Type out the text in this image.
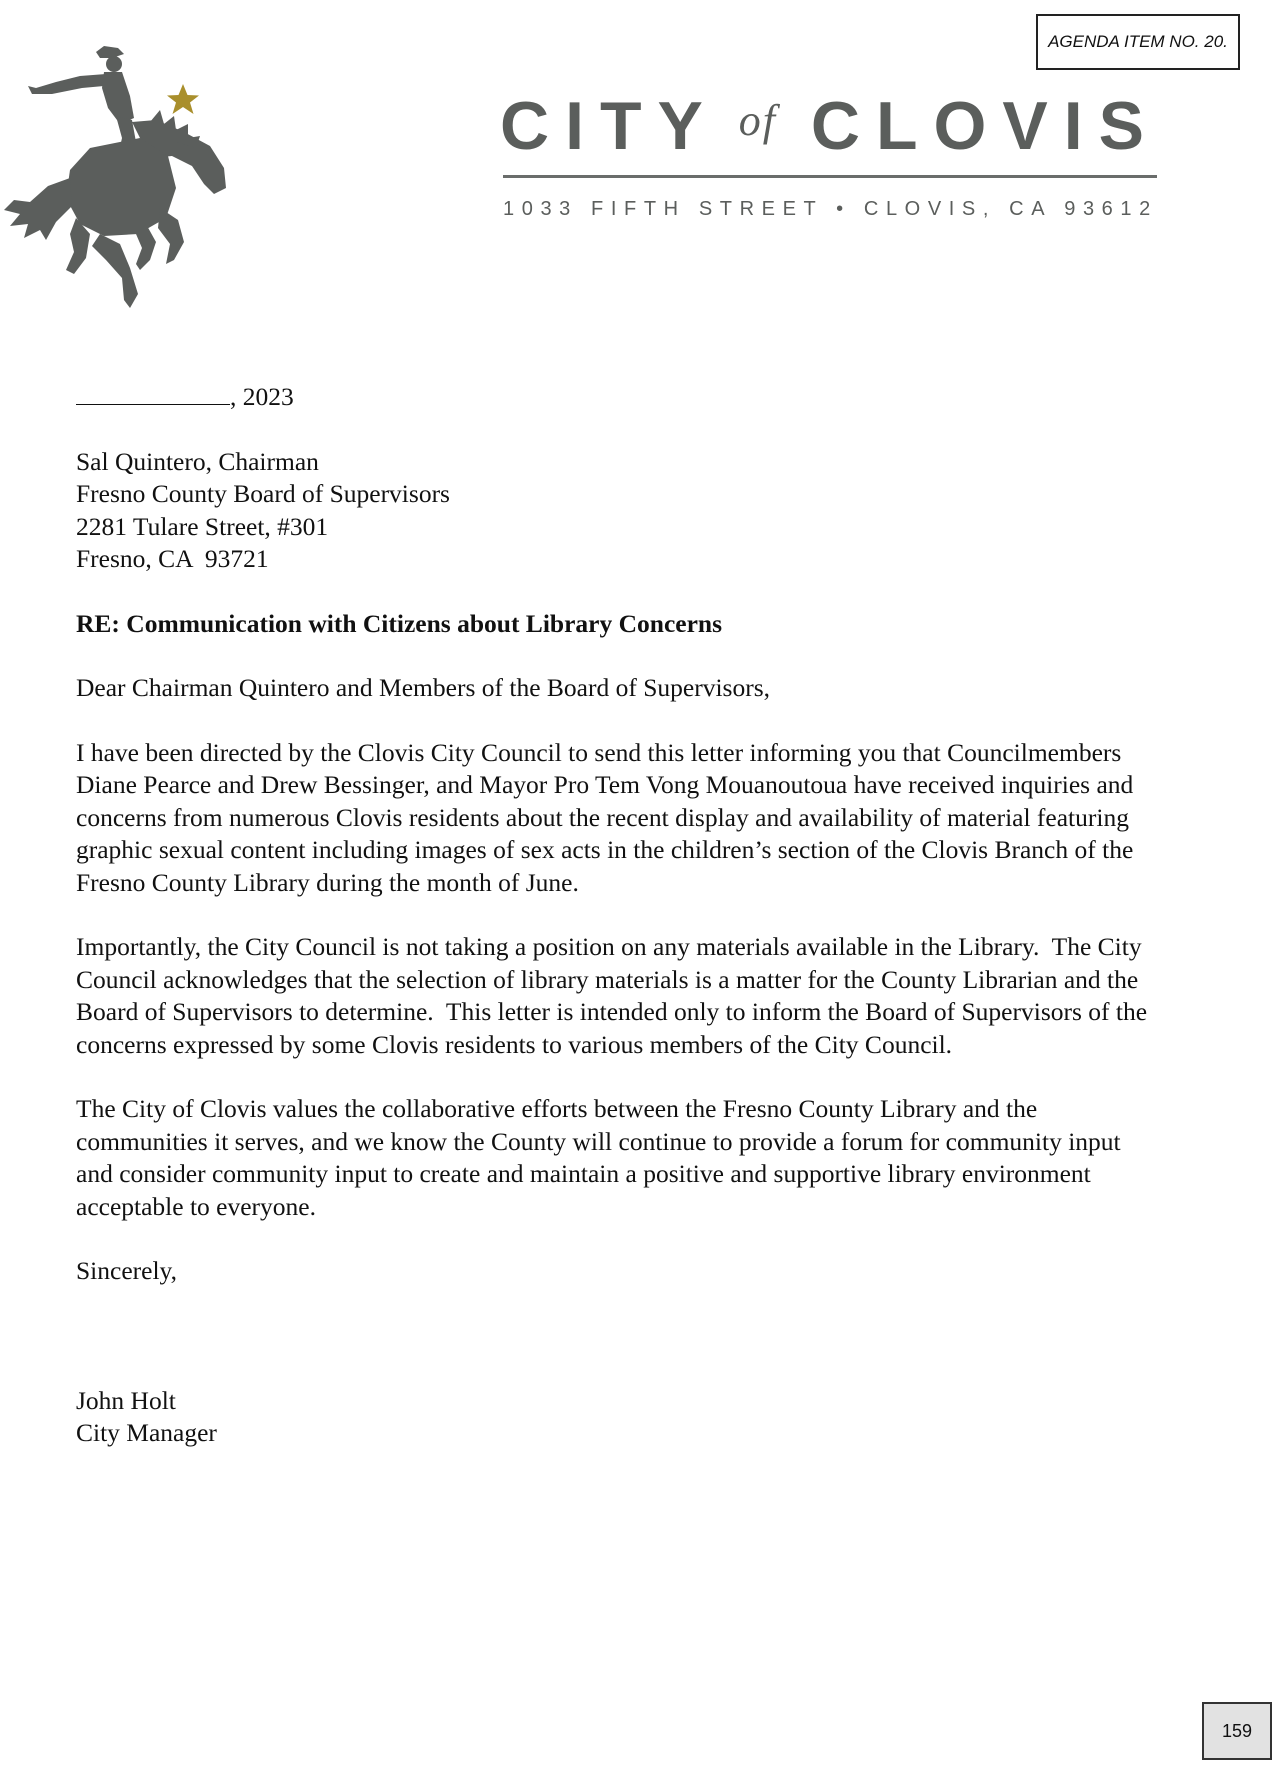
AGENDA ITEM NO. 20.
CITY of CLOVIS
1033 FIFTH STREET • CLOVIS, CA 93612

, 2023

Sal Quintero, Chairman
Fresno County Board of Supervisors
2281 Tulare Street, #301
Fresno, CA  93721

RE: Communication with Citizens about Library Concerns

Dear Chairman Quintero and Members of the Board of Supervisors,

I have been directed by the Clovis City Council to send this letter informing you that Councilmembers Diane Pearce and Drew Bessinger, and Mayor Pro Tem Vong Mouanoutoua have received inquiries and concerns from numerous Clovis residents about the recent display and availability of material featuring graphic sexual content including images of sex acts in the children’s section of the Clovis Branch of the Fresno County Library during the month of June.

Importantly, the City Council is not taking a position on any materials available in the Library.  The City Council acknowledges that the selection of library materials is a matter for the County Librarian and the Board of Supervisors to determine.  This letter is intended only to inform the Board of Supervisors of the concerns expressed by some Clovis residents to various members of the City Council.

The City of Clovis values the collaborative efforts between the Fresno County Library and the communities it serves, and we know the County will continue to provide a forum for community input and consider community input to create and maintain a positive and supportive library environment acceptable to everyone.

Sincerely,

John Holt
City Manager
159
